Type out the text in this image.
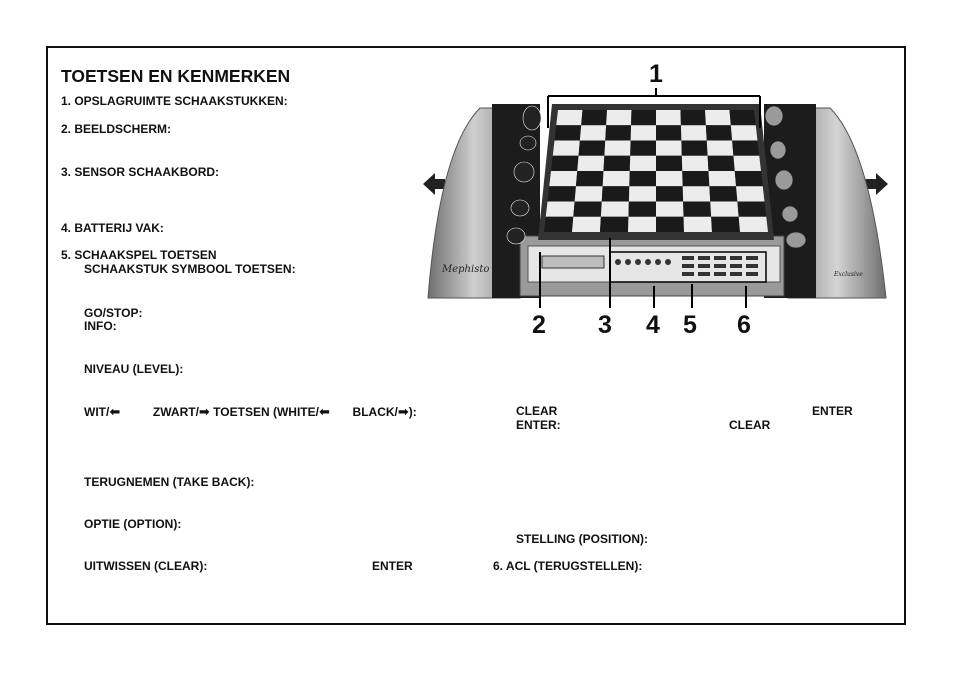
TOETSEN EN KENMERKEN
1. OPSLAGRUIMTE SCHAAKSTUKKEN:
2. BEELDSCHERM:
3. SENSOR SCHAAKBORD:
4. BATTERIJ VAK:
5. SCHAAKSPEL TOETSEN
SCHAAKSTUK SYMBOOL TOETSEN:
GO/STOP:
INFO:
NIVEAU (LEVEL):
WIT/⬅	ZWART/➡ TOETSEN (WHITE/⬅ BLACK/➡):
TERUGNEMEN (TAKE BACK):
OPTIE (OPTION):
UITWISSEN (CLEAR):	ENTER
CLEAR	ENTER
ENTER:	CLEAR
STELLING (POSITION):
6. ACL (TERUGSTELLEN):
1
2 3 4 5 6
Mephisto	Exclusive
